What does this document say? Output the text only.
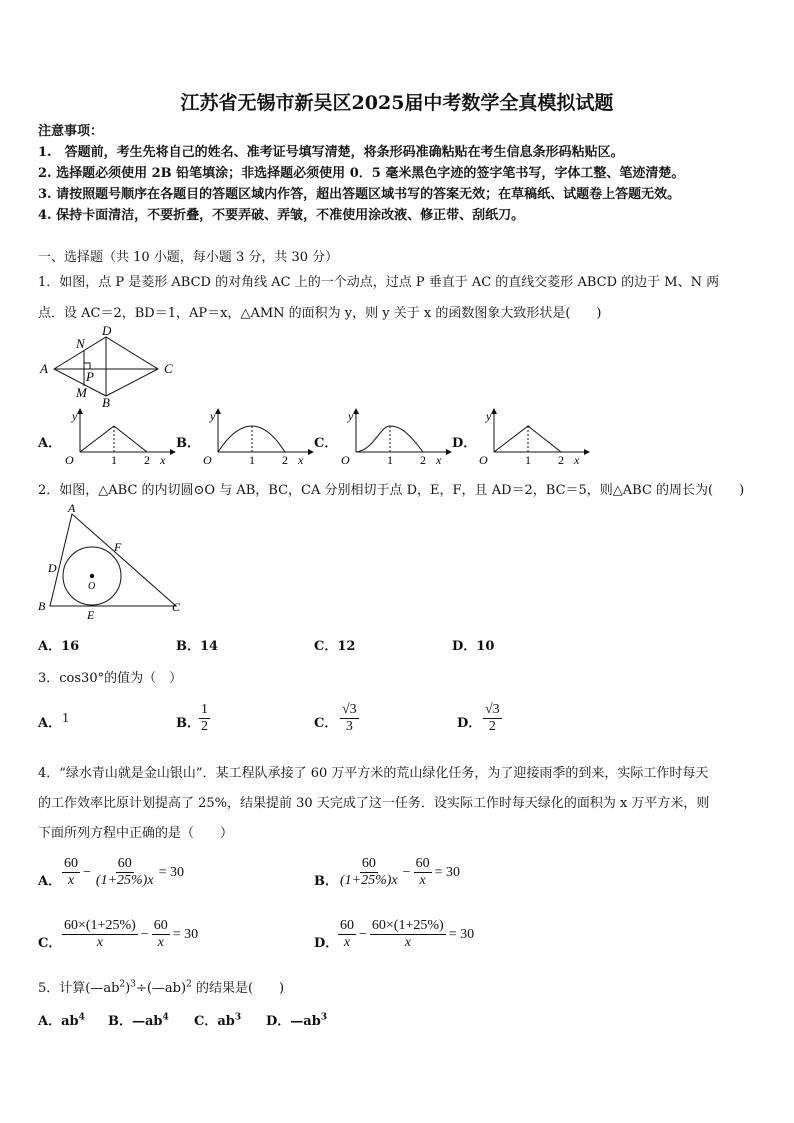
江苏省无锡市新吴区2025届中考数学全真模拟试题
注意事项：
1.　答题前，考生先将自己的姓名、准考证号填写清楚，将条形码准确粘贴在考生信息条形码粘贴区。
2. 选择题必须使用 2B 铅笔填涂；非选择题必须使用 0．5 毫米黑色字迹的签字笔书写，字体工整、笔迹清楚。
3. 请按照题号顺序在各题目的答题区域内作答，超出答题区域书写的答案无效；在草稿纸、试题卷上答题无效。
4. 保持卡面清洁，不要折叠，不要弄破、弄皱，不准使用涂改液、修正带、刮纸刀。
一、选择题（共 10 小题，每小题 3 分，共 30 分）
1．如图，点 P 是菱形 ABCD 的对角线 AC 上的一个动点，过点 P 垂直于 AC 的直线交菱形 ABCD 的边于 M、N 两
点．设 AC＝2，BD＝1，AP＝x，△AMN 的面积为 y，则 y 关于 x 的函数图象大致形状是(　　)
A
D
C
B
N
P
M
A．
y
O	1 2 x
B．
y
O	1 2 x
C．
y
O	1 2 x
D．
y
O	1 2 x
2．如图，△ABC 的内切圆⊙O 与 AB，BC，CA 分别相切于点 D，E，F，且 AD＝2，BC＝5，则△ABC 的周长为(　　)
A
B	C
D
E
F
O
A．16	B．14	C．12	D．10
3．cos30°的值为（　）
A． 1	B． $\frac{1}{2}$	C． $\frac{√3}{3}$	D． $\frac{√3}{2}$
4．“绿水青山就是金山银山”．某工程队承接了 60 万平方米的荒山绿化任务，为了迎接雨季的到来，实际工作时每天
的工作效率比原计划提高了 25%，结果提前 30 天完成了这一任务．设实际工作时每天绿化的面积为 x 万平方米，则
下面所列方程中正确的是（　　）
A． $\frac{60}{x} - \frac{60}{(1+25\%)x} = 30$
B． $\frac{60}{(1+25\%)x} - \frac{60}{x} = 30$
C． $\frac{60\times(1+25\%)}{x} - \frac{60}{x} = 30$
D． $\frac{60}{x} - \frac{60\times(1+25\%)}{x} = 30$
5．计算$(—ab^2)^3\div(—ab)^2$ 的结果是(　　)
A．$ab^4$ B．$—ab^4$ C．$ab^3$ D．$—ab^3$
